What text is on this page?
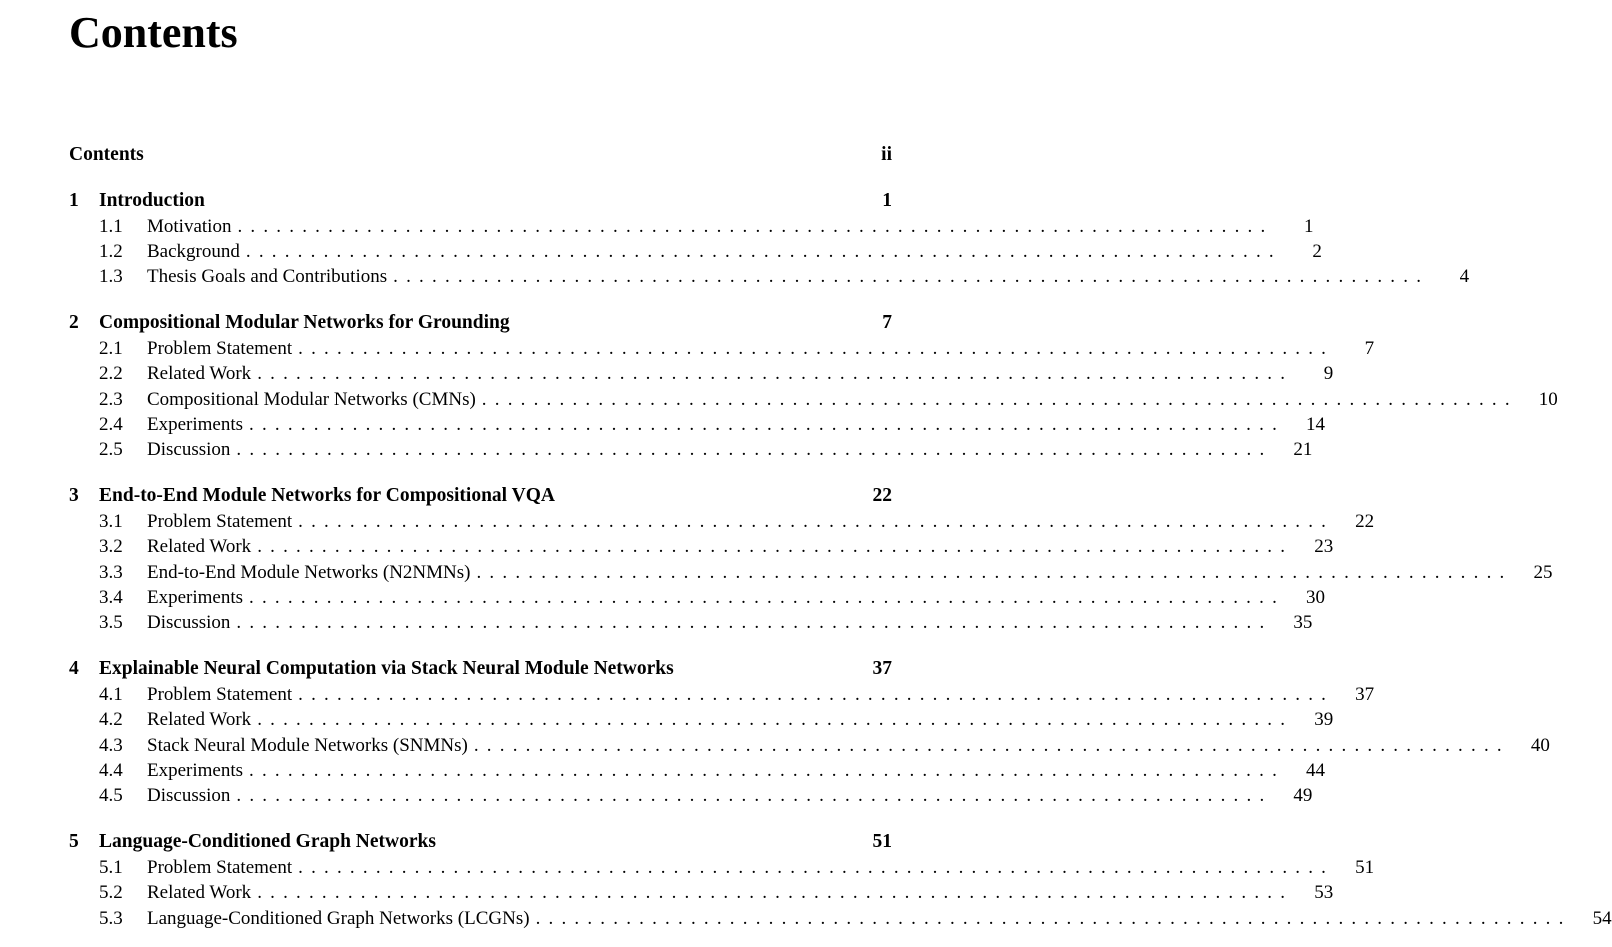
Contents
Contents	ii
1	Introduction	1
1.1	Motivation ................................................................................	1
1.2	Background ................................................................................	2
1.3	Thesis Goals and Contributions ................................................................................	4
2	Compositional Modular Networks for Grounding	7
2.1	Problem Statement ................................................................................	7
2.2	Related Work ................................................................................	9
2.3	Compositional Modular Networks (CMNs) ................................................................................	10
2.4	Experiments ................................................................................	14
2.5	Discussion ................................................................................	21
3	End-to-End Module Networks for Compositional VQA	22
3.1	Problem Statement ................................................................................	22
3.2	Related Work ................................................................................	23
3.3	End-to-End Module Networks (N2NMNs) ................................................................................	25
3.4	Experiments ................................................................................	30
3.5	Discussion ................................................................................	35
4	Explainable Neural Computation via Stack Neural Module Networks	37
4.1	Problem Statement ................................................................................	37
4.2	Related Work ................................................................................	39
4.3	Stack Neural Module Networks (SNMNs) ................................................................................	40
4.4	Experiments ................................................................................	44
4.5	Discussion ................................................................................	49
5	Language-Conditioned Graph Networks	51
5.1	Problem Statement ................................................................................	51
5.2	Related Work ................................................................................	53
5.3	Language-Conditioned Graph Networks (LCGNs) ................................................................................	54
